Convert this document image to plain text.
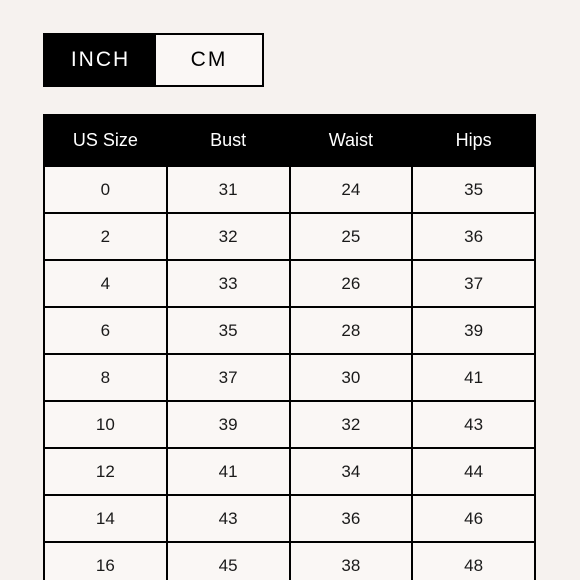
INCH	CM
US Size	Bust	Waist	Hips
0	31	24	35
2	32	25	36
4	33	26	37
6	35	28	39
8	37	30	41
10	39	32	43
12	41	34	44
14	43	36	46
16	45	38	48
